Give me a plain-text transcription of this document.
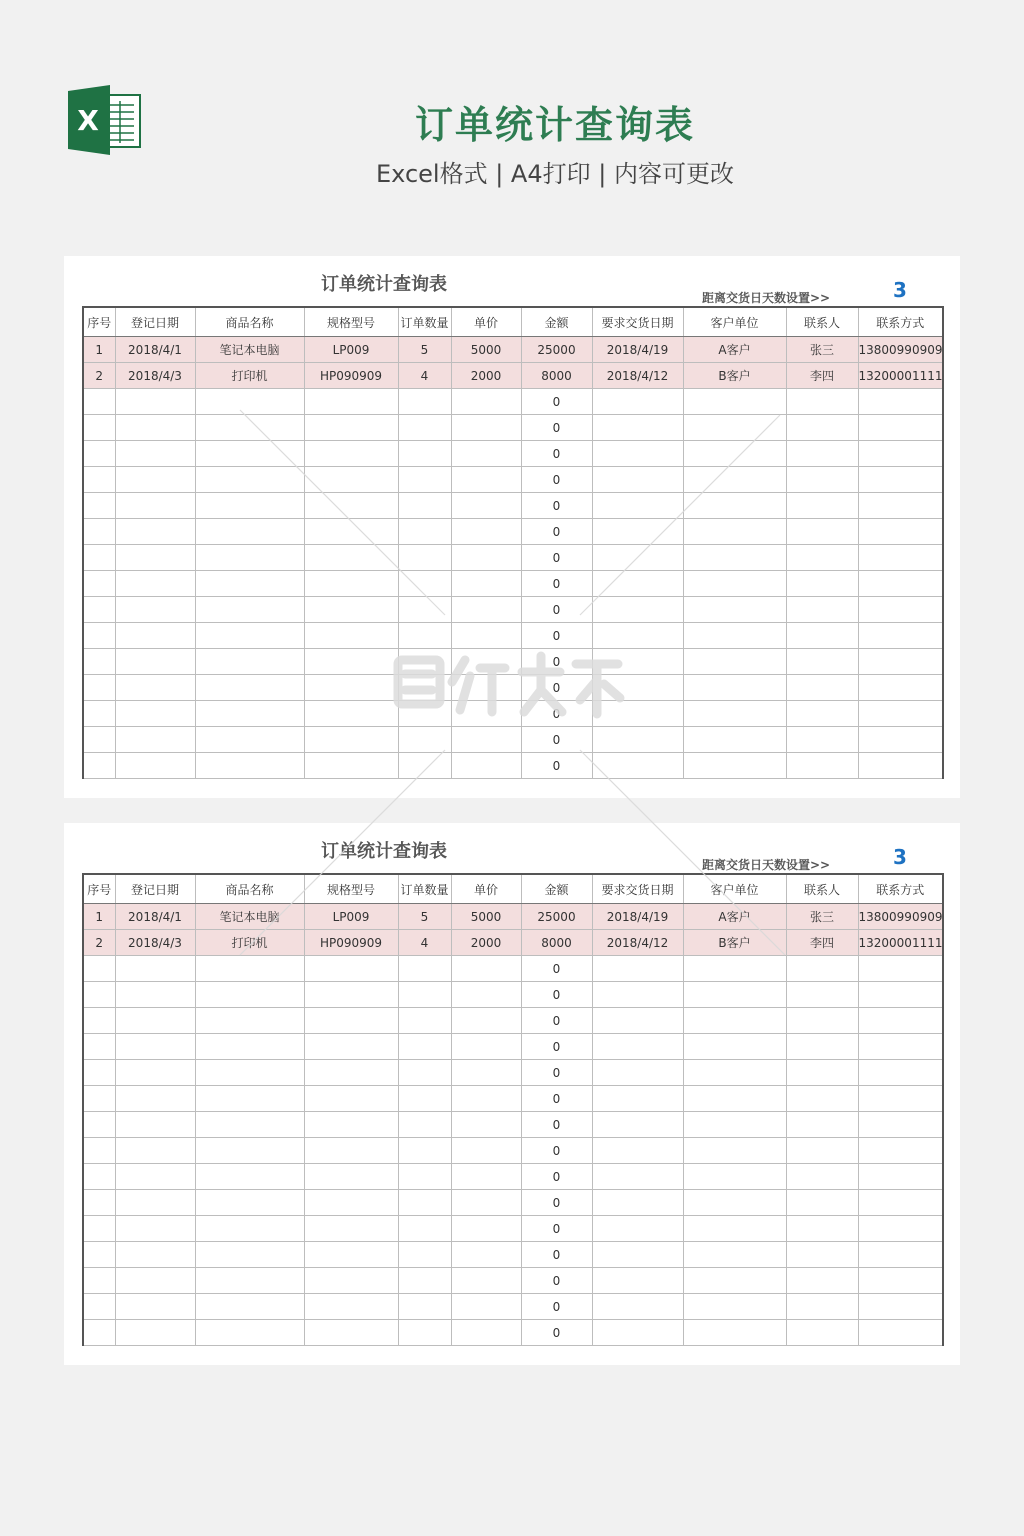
X	订单统计查询表
Excel格式 | A4打印 | 内容可更改
订单统计查询表
距离交货日天数设置>>	3
序号	登记日期	商品名称	规格型号	订单数量	单价	金额	要求交货日期	客户单位	联系人	联系方式
1	2018/4/1	笔记本电脑	LP009	5	5000	25000	2018/4/19	A客户	张三	13800990909
2	2018/4/3	打印机	HP090909	4	2000	8000	2018/4/12	B客户	李四	13200001111
						0				
						0				
						0				
						0				
						0				
						0				
						0				
						0				
						0				
						0				
						0				
						0				
						0				
						0				
						0				
订单统计查询表
距离交货日天数设置>>	3
序号	登记日期	商品名称	规格型号	订单数量	单价	金额	要求交货日期	客户单位	联系人	联系方式
1	2018/4/1	笔记本电脑	LP009	5	5000	25000	2018/4/19	A客户	张三	13800990909
2	2018/4/3	打印机	HP090909	4	2000	8000	2018/4/12	B客户	李四	13200001111
						0				
						0				
						0				
						0				
						0				
						0				
						0				
						0				
						0				
						0				
						0				
						0				
						0				
						0				
						0				
